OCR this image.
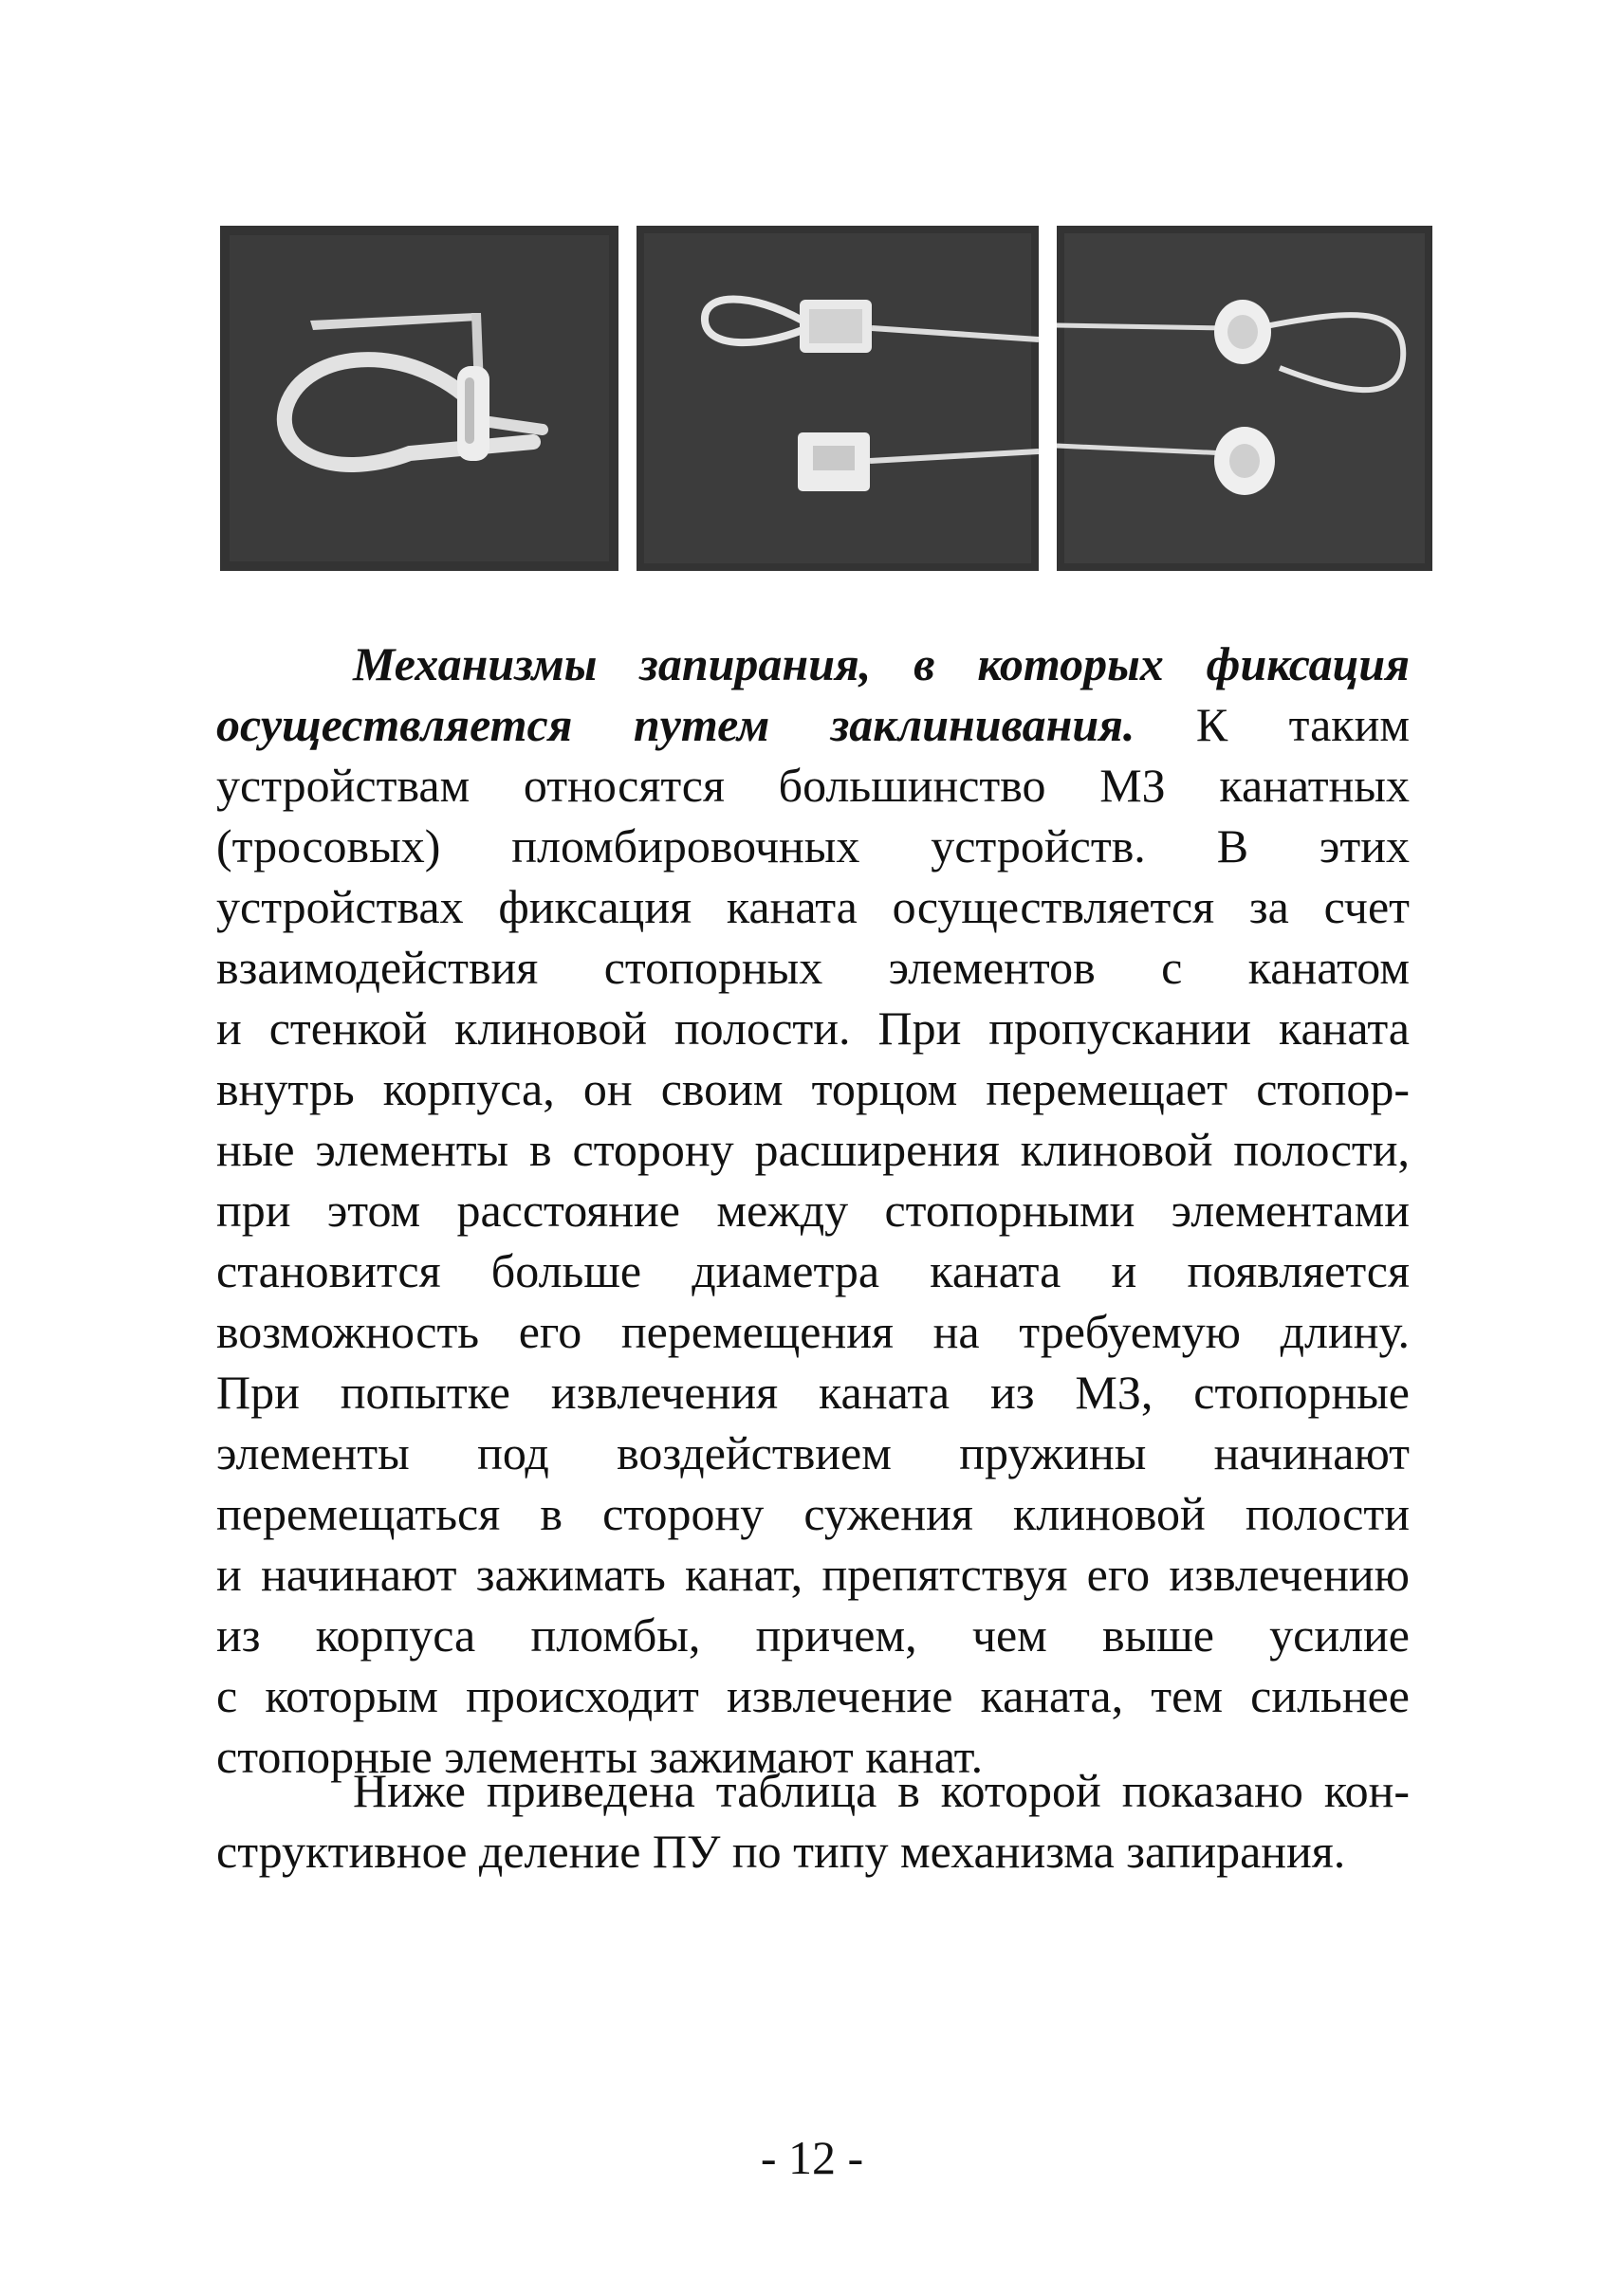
Механизмы запирания, в которых фиксация
осуществляется путем заклинивания. К таким
устройствам относятся большинство МЗ канатных
(тросовых) пломбировочных устройств. В этих
устройствах фиксация каната осуществляется за счет
взаимодействия стопорных элементов с канатом
и стенкой клиновой полости. При пропускании каната
внутрь корпуса, он своим торцом перемещает стопор-
ные элементы в сторону расширения клиновой полости,
при этом расстояние между стопорными элементами
становится больше диаметра каната и появляется
возможность его перемещения на требуемую длину.
При попытке извлечения каната из МЗ, стопорные
элементы под воздействием пружины начинают
перемещаться в сторону сужения клиновой полости
и начинают зажимать канат, препятствуя его извлечению
из корпуса пломбы, причем, чем выше усилие
с которым происходит извлечение каната, тем сильнее
стопорные элементы зажимают канат.
Ниже приведена таблица в которой показано кон-
структивное деление ПУ по типу механизма запирания.
- 12 -
